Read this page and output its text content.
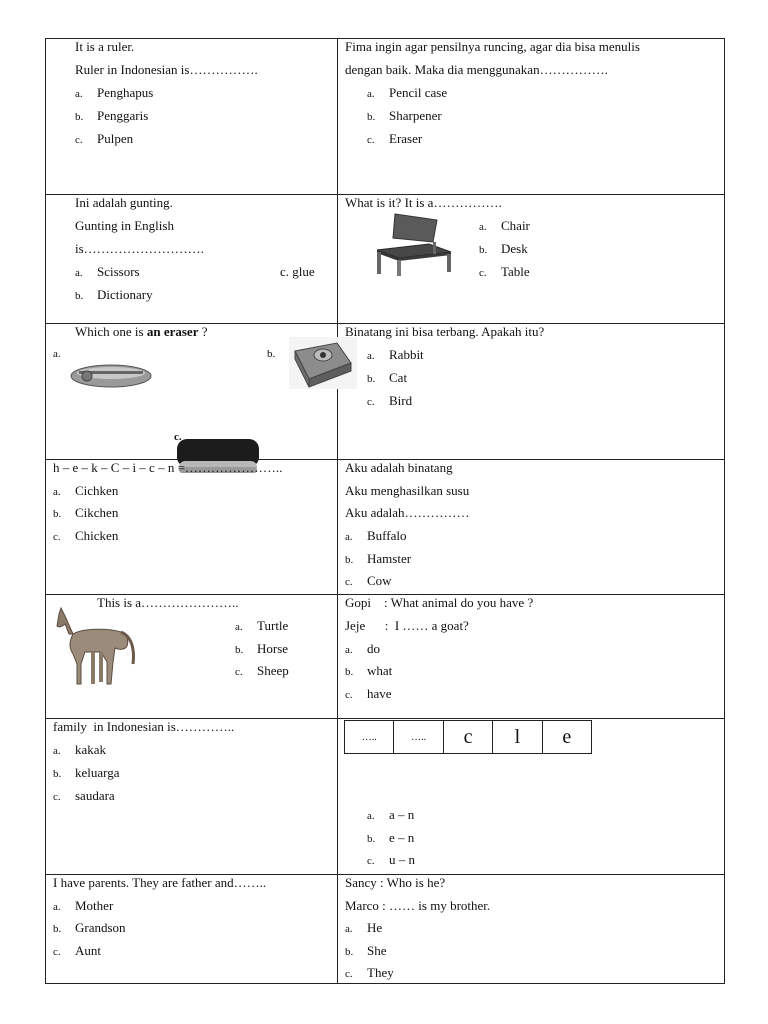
It is a ruler.
Ruler in Indonesian is…………….
a. Penghapus
b. Penggaris
c. Pulpen
Fima ingin agar pensilnya runcing, agar dia bisa menulis
dengan baik. Maka dia menggunakan…………….
a. Pencil case
b. Sharpener
c. Eraser
Ini adalah gunting.
Gunting in English
is……………………….
a. Scissors	c. glue
b. Dictionary
What is it? It is a…………….
a. Chair
b. Desk
c. Table
Which one is an eraser ?
a.	b.
c.
Binatang ini bisa terbang. Apakah itu?
a. Rabbit
b. Cat
c. Bird
h – e – k – C – i – c – n =…………………..
a. Cichken
b. Cikchen
c. Chicken
Aku adalah binatang
Aku menghasilkan susu
Aku adalah……………
a. Buffalo
b. Hamster
c. Cow
This is a…………………..
a. Turtle
b. Horse
c. Sheep
Gopi    : What animal do you have ?
Jeje      :  I …… a goat?
a. do
b. what
c. have
family  in Indonesian is…………..
a. kakak
b. keluarga
c. saudara
…..	…..	c	l	e
a. a – n
b. e – n
c. u – n
I have parents. They are father and……..
a. Mother
b. Grandson
c. Aunt
Sancy : Who is he?
Marco : …… is my brother.
a. He
b. She
c. They
